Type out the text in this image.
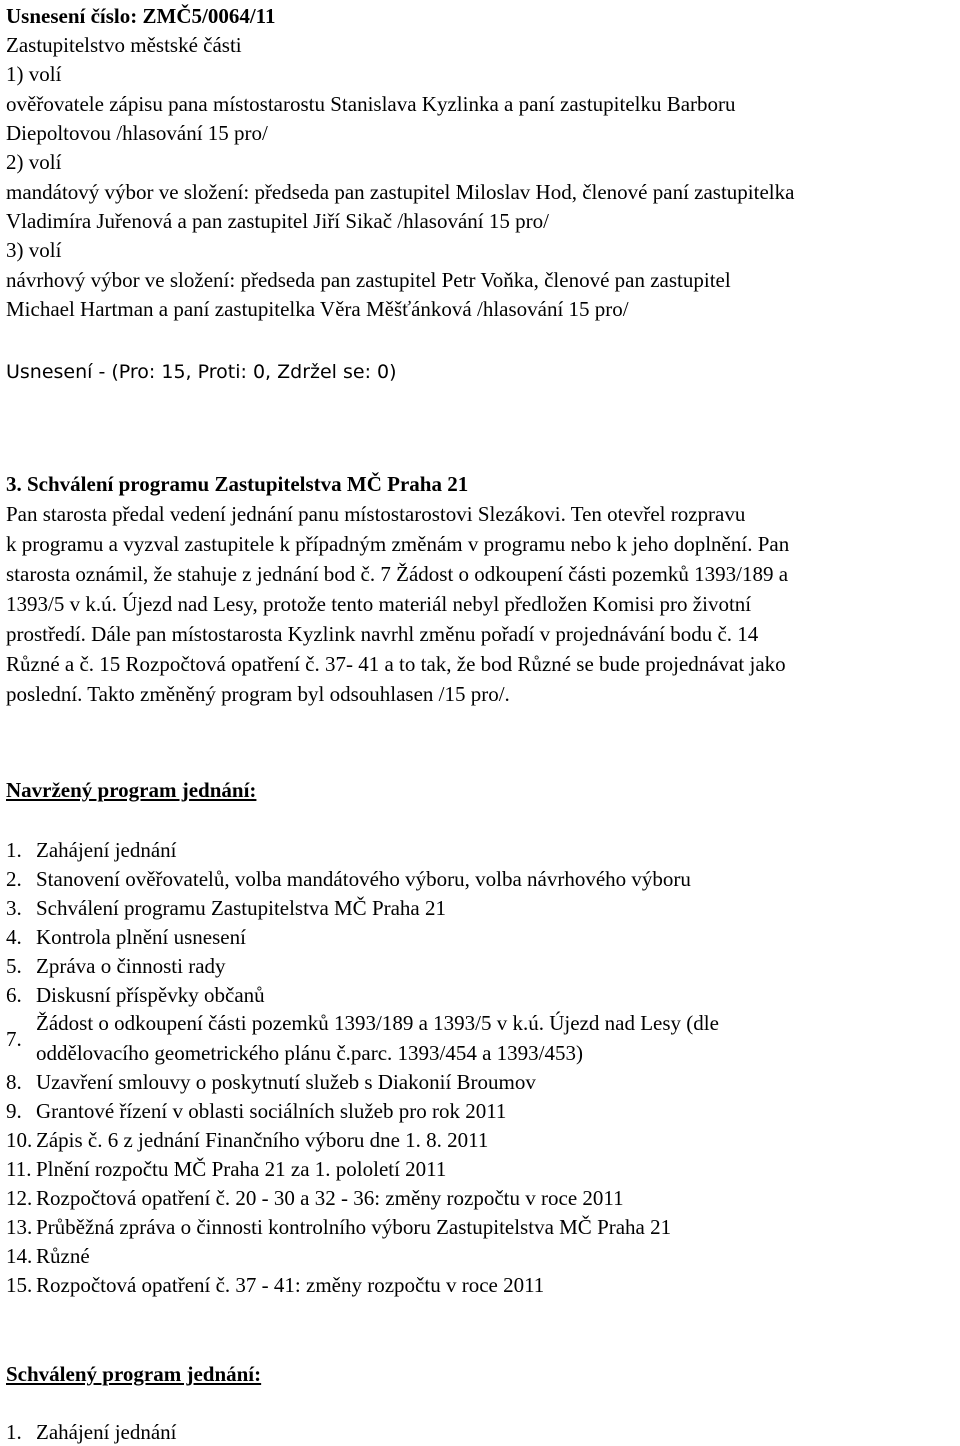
Usnesení číslo: ZMČ5/0064/11
Zastupitelstvo městské části
1) volí
ověřovatele zápisu pana místostarostu Stanislava Kyzlinka a paní zastupitelku Barboru
Diepoltovou /hlasování 15 pro/
2) volí
mandátový výbor ve složení: předseda pan zastupitel Miloslav Hod, členové paní zastupitelka
Vladimíra Juřenová a pan zastupitel Jiří Sikač /hlasování 15 pro/
3) volí
návrhový výbor ve složení: předseda pan zastupitel Petr Voňka, členové pan zastupitel
Michael Hartman a paní zastupitelka Věra Měšťánková /hlasování 15 pro/
Usnesení - (Pro: 15, Proti: 0, Zdržel se: 0)
3. Schválení programu Zastupitelstva MČ Praha 21
Pan starosta předal vedení jednání panu místostarostovi Slezákovi. Ten otevřel rozpravu
k programu a vyzval zastupitele k případným změnám v programu nebo k jeho doplnění. Pan
starosta oznámil, že stahuje z jednání bod č. 7 Žádost o odkoupení části pozemků 1393/189 a
1393/5 v k.ú. Újezd nad Lesy, protože tento materiál nebyl předložen Komisi pro životní
prostředí. Dále pan místostarosta Kyzlink navrhl změnu pořadí v projednávání bodu č. 14
Různé a č. 15 Rozpočtová opatření č. 37- 41 a to tak, že bod Různé se bude projednávat jako
poslední. Takto změněný program byl odsouhlasen /15 pro/.
Navržený program jednání:
1. Zahájení jednání
2. Stanovení ověřovatelů, volba mandátového výboru, volba návrhového výboru
3. Schválení programu Zastupitelstva MČ Praha 21
4. Kontrola plnění usnesení
5. Zpráva o činnosti rady
6. Diskusní příspěvky občanů
7.
Žádost o odkoupení části pozemků 1393/189 a 1393/5 v k.ú. Újezd nad Lesy (dle
oddělovacího geometrického plánu č.parc. 1393/454 a 1393/453)
8. Uzavření smlouvy o poskytnutí služeb s Diakonií Broumov
9. Grantové řízení v oblasti sociálních služeb pro rok 2011
10. Zápis č. 6 z jednání Finančního výboru dne 1. 8. 2011
11. Plnění rozpočtu MČ Praha 21 za 1. pololetí 2011
12. Rozpočtová opatření č. 20 - 30 a 32 - 36: změny rozpočtu v roce 2011
13. Průběžná zpráva o činnosti kontrolního výboru Zastupitelstva MČ Praha 21
14. Různé
15. Rozpočtová opatření č. 37 - 41: změny rozpočtu v roce 2011
Schválený program jednání:
1. Zahájení jednání
